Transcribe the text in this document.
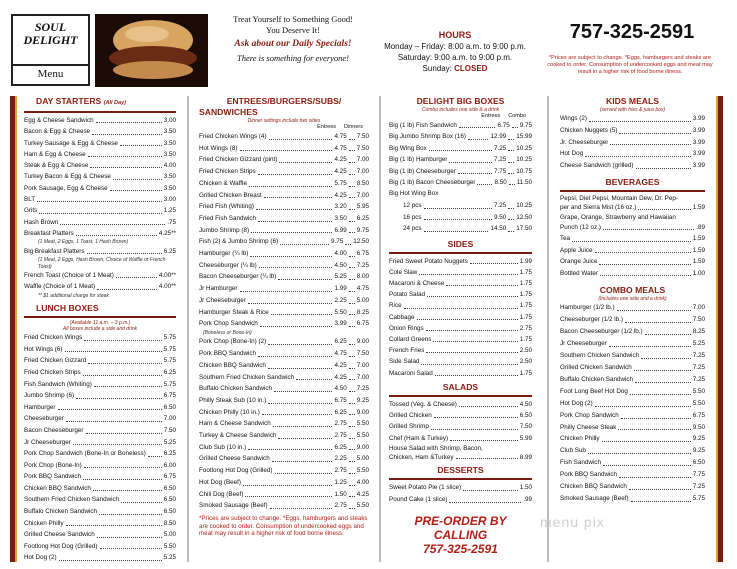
SOUL
DELIGHT
Menu
Treat Yourself to Something Good!
You Deserve It!
Ask about our Daily Specials!
There is something for everyone!
HOURS
Monday – Friday: 8:00 a.m. to 9:00 p.m.
Saturday: 9:00 a.m. to 9:00 p.m.
Sunday: CLOSED
757-325-2591
*Prices are subject to change. *Eggs, hamburgers and steaks are cooked to order. Consumption of undercooked eggs and meat may result in a higher risk of food borne illness.
DAY STARTERS (All Day)
Egg & Cheese Sandwich	3.00
Bacon & Egg & Cheese	3.50
Turkey Sausage & Egg & Cheese	3.50
Ham & Egg & Cheese	3.50
Steak & Egg & Cheese	4.00
Turkey Bacon & Egg & Cheese	3.50
Pork Sausage, Egg & Cheese	3.50
BLT	3.00
Grits	1.25
Hash Brown	.75
Breakfast Platters	4.25**
(1 Meat, 2 Eggs, 1 Toast, 1 Hash Brown)
Big Breakfast Platters	6.25
(1 Meat, 2 Eggs, Hash Brown, Choice of Waffle or French Toast)
French Toast (Choice of 1 Meat)	4.00**
Waffle (Choice of 1 Meat)	4.00**
** $1 additional charge for steak
LUNCH BOXES
(Available 11 a.m. – 3 p.m.)
All boxes include a side and drink
Fried Chicken Wings	5.75
Hot Wings (6)	5.75
Fried Chicken Gizzard	5.75
Fried Chicken Strips	6.25
Fish Sandwich (Whiting)	5.75
Jumbo Shrimp (6)	6.75
Hamburger	6.50
Cheeseburger	7.00
Bacon Cheeseburger	7.50
Jr Cheeseburger	5.25
Pork Chop Sandwich (Bone-In or Boneless)	6.25
Pork Chop (Bone-In)	6.00
Pork BBQ Sandwich	6.75
Chicken BBQ Sandwich	6.50
Southern Fried Chicken Sandwich	6.50
Buffalo Chicken Sandwich	6.50
Chicken Philly	8.50
Grilled Cheese Sandwich	5.00
Footlong Hot Dog (Grilled)	5.50
Hot Dog (2)	5.25
ENTREES/BURGERS/SUBS/
SANDWICHES
Dinner settings include two sides
Entrees Dinners
Fried Chicken Wings (4)	4.75 7.50
Hot Wings (8)	4.75 7.50
Fried Chicken Gizzard (pint)	4.25 7.00
Fried Chicken Strips	4.25 7.00
Chicken & Waffle	5.75 8.50
Grilled Chicken Breast	4.25 7.00
Fried Fish (Whiting)	3.20 5.95
Fried Fish Sandwich	3.50 6.25
Jumbo Shrimp (8)	6.99 9.75
Fish (2) & Jumbo Shrimp (6)	9.75 12.50
Hamburger (¼ lb)	4.00 6.75
Cheeseburger (¼ lb)	4.50 7.25
Bacon Cheeseburger (¼ lb)	5.25 8.00
Jr Hamburger	1.99 4.75
Jr Cheeseburger	2.25 5.00
Hamburger Steak & Rice	5.50 8.25
Pork Chop Sandwich	3.99 6.75
(Boneless or Bone-In)
Pork Chop (Bone-In) (2)	6.25 9.00
Pork BBQ Sandwich	4.75 7.50
Chicken BBQ Sandwich	4.25 7.00
Southern Fried Chicken Sandwich	4.25 7.00
Buffalo Chicken Sandwich	4.50 7.25
Philly Steak Sub (10 in.)	6.75 9.25
Chicken Philly (10 in.)	6.25 9.00
Ham & Cheese Sandwich	2.75 5.50
Turkey & Cheese Sandwich	2.75 5.50
Club Sub (10 in.)	6.25 9.00
Grilled Cheese Sandwich	2.25 5.00
Footlong Hot Dog (Grilled)	2.75 5.50
Hot Dog (Beef)	1.25 4.00
Chili Dog (Beef)	1.50 4.25
Smoked Sausage (Beef)	2.75 5.50
*Prices are subject to change. *Eggs, hamburgers and steaks are cooked to order. Consumption of undercooked eggs and meat may result in a higher risk of food borne illness.
DELIGHT BIG BOXES
Combo includes one side & a drink
Entrees Combo
Big (1 lb) Fish Sandwich	6.75 9.75
Big Jumbo Shrimp Box (16)	12.99 15.99
Big Wing Box	7.25 10.25
Big (1 lb) Hamburger	7.25 10.25
Big (1 lb) Cheeseburger	7.75 10.75
Big (1 lb) Bacon Cheeseburger	8.50 11.50
Big Hot Wing Box
12 pcs	7.25 10.25
16 pcs	9.50 12.50
24 pcs	14.50 17.50
SIDES
Fried Sweet Potato Nuggets	1.99
Cole Slaw	1.75
Macaroni & Cheese	1.75
Potato Salad	1.75
Rice	1.75
Cabbage	1.75
Onion Rings	2.75
Collard Greens	1.75
French Fries	2.50
Side Salad	2.50
Macaroni Salad	1.75
SALADS
Tossed (Veg. & Cheese)	4.50
Grilled Chicken	6.50
Grilled Shrimp	7.50
Chef (Ham & Turkey)	5.99
House Salad with Shrimp, Bacon,
Chicken, Ham &Turkey	8.99
DESSERTS
Sweet Potato Pie (1 slice)	1.50
Pound Cake (1 slice)	.99
PRE-ORDER BY CALLING
757-325-2591
KIDS MEALS
(served with fries & juice box)
Wings (2)	3.99
Chicken Nuggets (5)	3.99
Jr. Cheeseburger	3.99
Hot Dog	3.99
Cheese Sandwich (grilled)	3.99
BEVERAGES
Pepsi, Diet Pepsi, Mountain Dew, Dr. Pep-
per and Sierra Mist (16 oz.)	1.59
Grape, Orange, Strawberry and Hawaiian
Punch (12 oz.)	.89
Tea	1.59
Apple Juice	1.59
Orange Juice	1.59
Bottled Water	1.00
COMBO MEALS
(Includes one side and a drink)
Hamburger (1/2 lb.)	7.00
Cheeseburger (1/2 lb.)	7.50
Bacon Cheeseburger (1/2 lb.)	8.25
Jr Cheeseburger	5.25
Southern Chicken Sandwich	7.25
Grilled Chicken Sandwich	7.25
Buffalo Chicken Sandwich	7.25
Foot Long Beef Hot Dog	5.50
Hot Dog (2)	5.50
Pork Chop Sandwich	6.75
Philly Cheese Steak	9.50
Chicken Philly	9.25
Club Sub	9.25
Fish Sandwich	6.50
Pork BBQ Sandwich	7.75
Chicken BBQ Sandwich	7.25
Smoked Sausage (Beef)	5.75
menu pix
